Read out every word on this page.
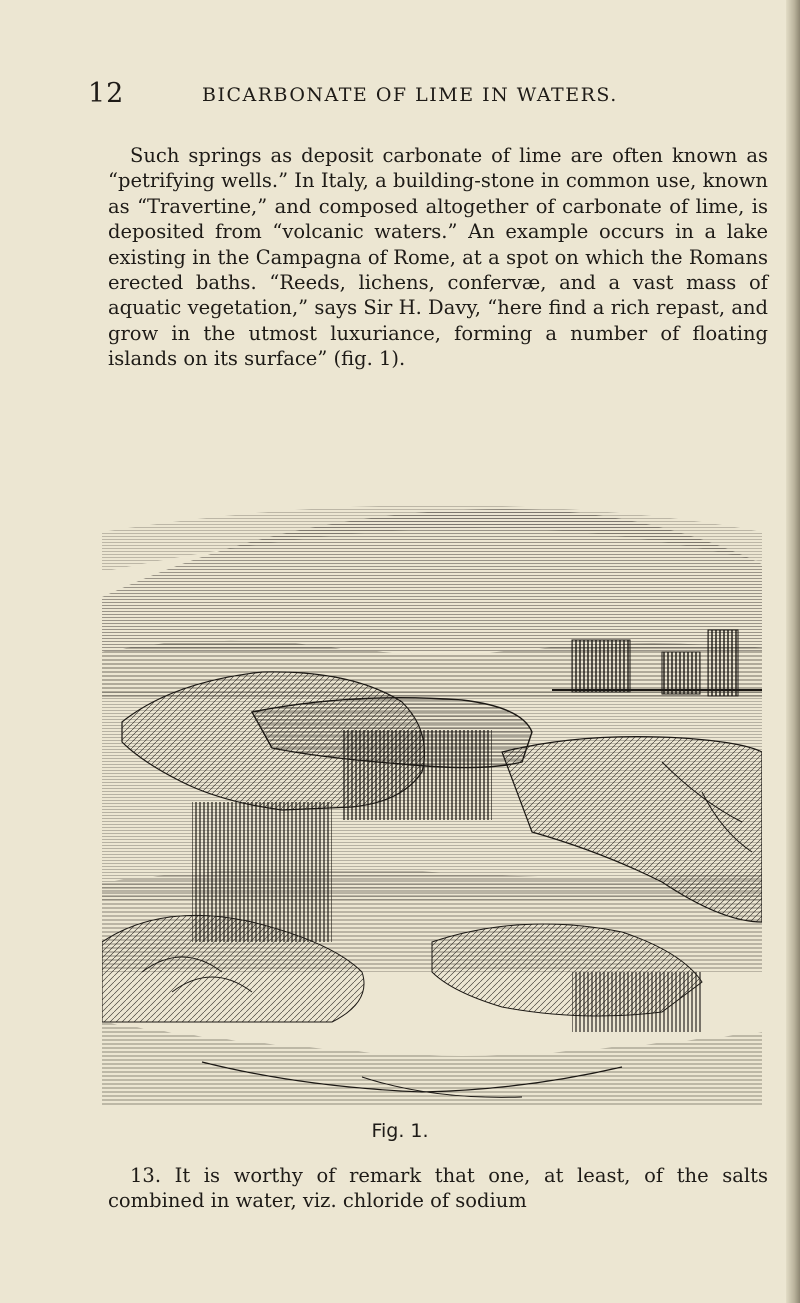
12	BICARBONATE OF LIME IN WATERS.

Such springs as deposit carbonate of lime are often known as “petrifying wells.” In Italy, a building-stone in common use, known as “Travertine,” and composed altogether of carbonate of lime, is deposited from “volcanic waters.” An example occurs in a lake existing in the Campagna of Rome, at a spot on which the Romans erected baths. “Reeds, lichens, confervæ, and a vast mass of aquatic vegetation,” says Sir H. Davy, “here find a rich repast, and grow in the utmost luxuriance, forming a number of floating islands on its surface” (fig. 1).

Fig. 1.

13. It is worthy of remark that one, at least, of the salts combined in water, viz. chloride of sodium
